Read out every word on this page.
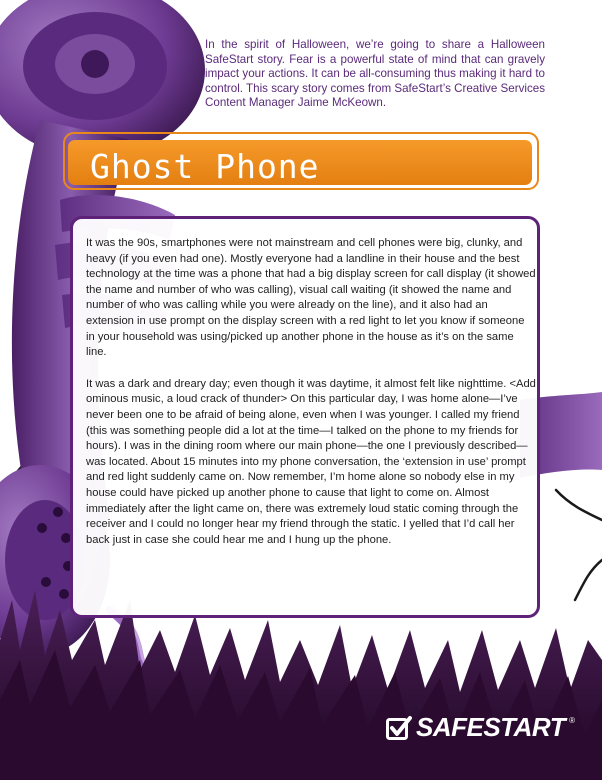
In the spirit of Halloween, we’re going to share a Halloween SafeStart story. Fear is a powerful state of mind that can gravely impact your actions. It can be all-consuming thus making it hard to control. This scary story comes from SafeStart’s Creative Services Content Manager Jaime McKeown.

Ghost Phone

It was the 90s, smartphones were not mainstream and cell phones were big, clunky, and heavy (if you even had one). Mostly everyone had a landline in their house and the best technology at the time was a phone that had a big display screen for call display (it showed the name and number of who was calling), visual call waiting (it showed the name and number of who was calling while you were already on the line), and it also had an extension in use prompt on the display screen with a red light to let you know if someone in your household was using/picked up another phone in the house as it’s on the same line.

It was a dark and dreary day; even though it was daytime, it almost felt like nighttime. <Add ominous music, a loud crack of thunder> On this particular day, I was home alone—I’ve never been one to be afraid of being alone, even when I was younger. I called my friend (this was something people did a lot at the time—I talked on the phone to my friends for hours). I was in the dining room where our main phone—the one I previously described—was located. About 15 minutes into my phone conversation, the ‘extension in use’ prompt and red light suddenly came on. Now remember, I’m home alone so nobody else in my house could have picked up another phone to cause that light to come on. Almost immediately after the light came on, there was extremely loud static coming through the receiver and I could no longer hear my friend through the static. I yelled that I’d call her back just in case she could hear me and I hung up the phone.

SAFESTART ®
